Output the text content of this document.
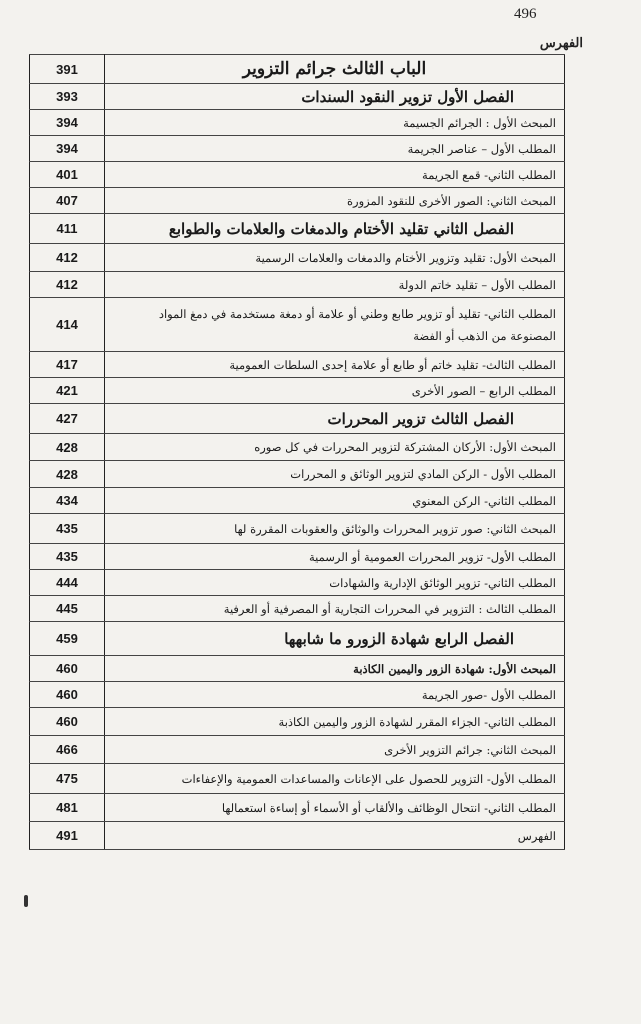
496
الفهرس
الباب الثالث جرائم التزوير	391
الفصل الأول تزوير النقود السندات	393
المبحث الأول : الجرائم الجسيمة	394
المطلب الأول – عناصر الجريمة	394
المطلب الثاني- قمع الجريمة	401
المبحث الثاني: الصور الأخرى للنقود المزورة	407
الفصل الثاني تقليد الأختام والدمغات والعلامات والطوابع	411
المبحث الأول: تقليد وتزوير الأختام والدمغات والعلامات الرسمية	412
المطلب الأول – تقليد خاتم الدولة	412
المطلب الثاني- تقليد أو تزوير طابع وطني أو علامة أو دمغة مستخدمة في دمغ المواد المصنوعة من الذهب أو الفضة	414
المطلب الثالث- تقليد خاتم أو طابع أو علامة إحدى السلطات العمومية	417
المطلب الرابع – الصور الأخرى	421
الفصل الثالث تزوير المحررات	427
المبحث الأول: الأركان المشتركة لتزوير المحررات في كل صوره	428
المطلب الأول - الركن المادي لتزوير الوثائق و المحررات	428
المطلب الثاني- الركن المعنوي	434
المبحث الثاني: صور تزوير المحررات والوثائق والعقوبات المقررة لها	435
المطلب الأول- تزوير المحررات العمومية أو الرسمية	435
المطلب الثاني- تزوير الوثائق الإدارية والشهادات	444
المطلب الثالث : التزوير في المحررات التجارية أو المصرفية أو العرفية	445
الفصل الرابع شهادة الزورو ما شابهها	459
المبحث الأول: شهادة الزور واليمين الكاذبة	460
المطلب الأول -صور الجريمة	460
المطلب الثاني- الجزاء المقرر لشهادة الزور واليمين الكاذبة	460
المبحث الثاني: جرائم التزوير الأخرى	466
المطلب الأول- التزوير للحصول على الإعانات والمساعدات العمومية والإعفاءات	475
المطلب الثاني- انتحال الوظائف والألقاب أو الأسماء أو إساءة استعمالها	481
الفهرس	491
